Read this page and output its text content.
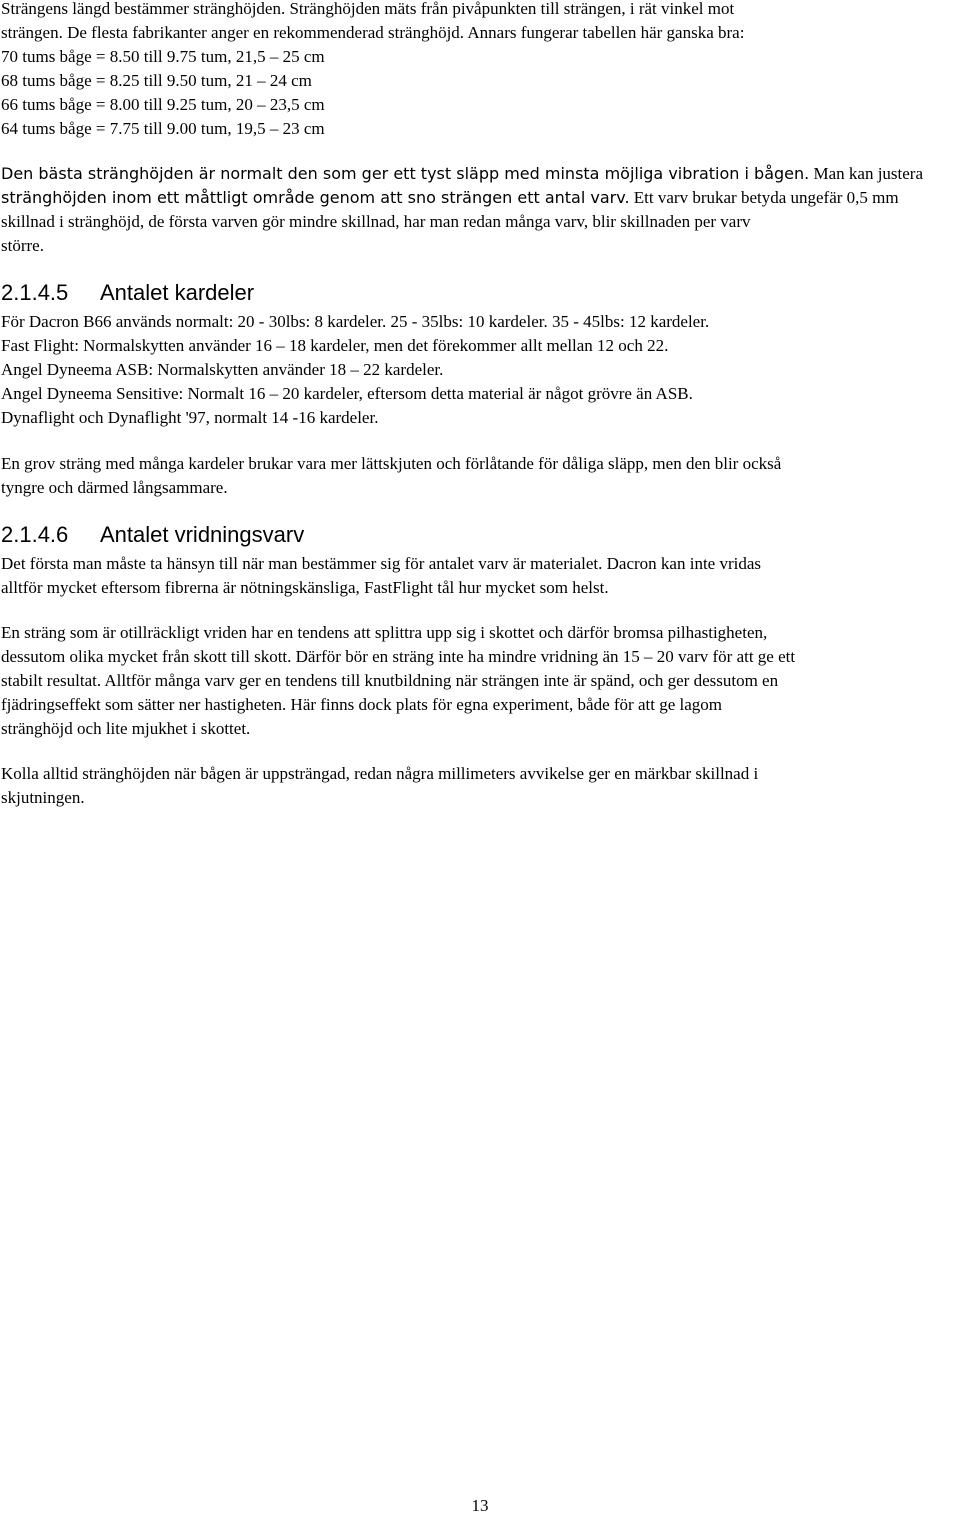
Strängens längd bestämmer stränghöjden. Stränghöjden mäts från pivåpunkten till strängen, i rät vinkel mot
strängen. De flesta fabrikanter anger en rekommenderad stränghöjd. Annars fungerar tabellen här ganska bra:
70 tums båge = 8.50 till 9.75 tum, 21,5 – 25 cm
68 tums båge = 8.25 till 9.50 tum, 21 – 24 cm
66 tums båge = 8.00 till 9.25 tum, 20 – 23,5 cm
64 tums båge = 7.75 till 9.00 tum, 19,5 – 23 cm

Den bästa stränghöjden är normalt den som ger ett tyst släpp med minsta möjliga vibration i bågen. Man kan justera
stränghöjden inom ett måttligt område genom att sno strängen ett antal varv. Ett varv brukar betyda ungefär 0,5 mm
skillnad i stränghöjd, de första varven gör mindre skillnad, har man redan många varv, blir skillnaden per varv
större.

2.1.4.5	Antalet kardeler

För Dacron B66 används normalt: 20 - 30lbs: 8 kardeler. 25 - 35lbs: 10 kardeler. 35 - 45lbs: 12 kardeler.
Fast Flight: Normalskytten använder 16 – 18 kardeler, men det förekommer allt mellan 12 och 22.
Angel Dyneema ASB: Normalskytten använder 18 – 22 kardeler.
Angel Dyneema Sensitive: Normalt 16 – 20 kardeler, eftersom detta material är något grövre än ASB.
Dynaflight och Dynaflight '97, normalt 14 -16 kardeler.

En grov sträng med många kardeler brukar vara mer lättskjuten och förlåtande för dåliga släpp, men den blir också
tyngre och därmed långsammare.

2.1.4.6	Antalet vridningsvarv

Det första man måste ta hänsyn till när man bestämmer sig för antalet varv är materialet. Dacron kan inte vridas
alltför mycket eftersom fibrerna är nötningskänsliga, FastFlight tål hur mycket som helst.

En sträng som är otillräckligt vriden har en tendens att splittra upp sig i skottet och därför bromsa pilhastigheten,
dessutom olika mycket från skott till skott. Därför bör en sträng inte ha mindre vridning än 15 – 20 varv för att ge ett
stabilt resultat. Alltför många varv ger en tendens till knutbildning när strängen inte är spänd, och ger dessutom en
fjädringseffekt som sätter ner hastigheten. Här finns dock plats för egna experiment, både för att ge lagom
stränghöjd och lite mjukhet i skottet.

Kolla alltid stränghöjden när bågen är uppsträngad, redan några millimeters avvikelse ger en märkbar skillnad i
skjutningen.

13
